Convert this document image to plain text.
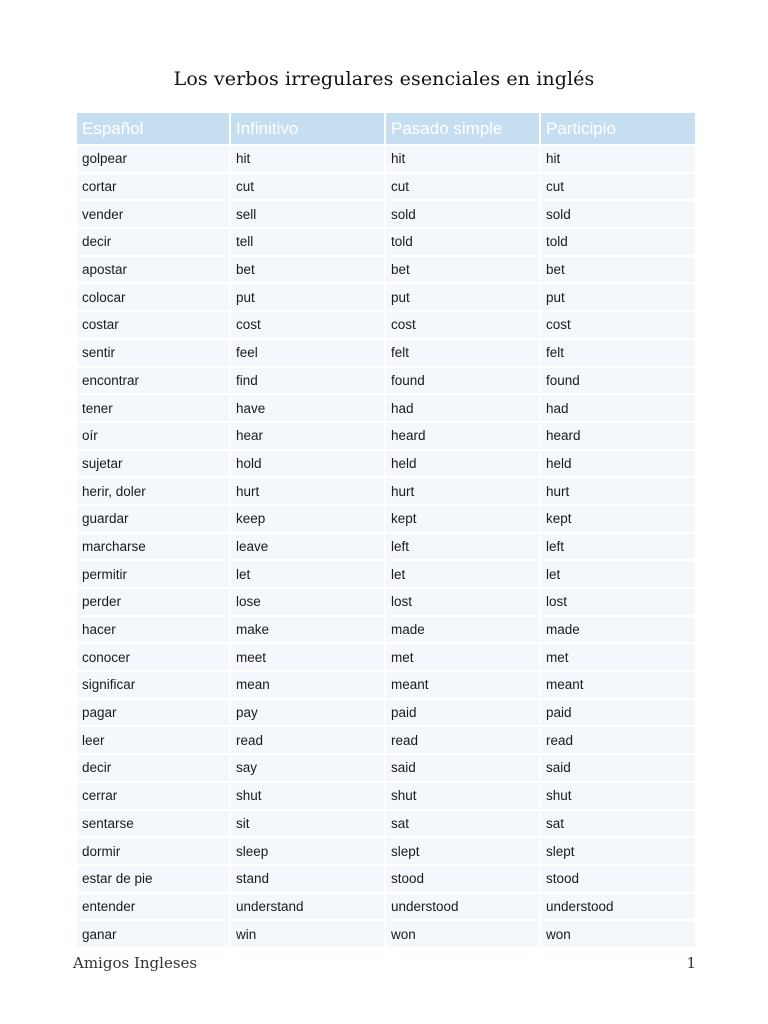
Los verbos irregulares esenciales en inglés
Español	Infinitivo	Pasado simple	Participio
golpear	hit	hit	hit
cortar	cut	cut	cut
vender	sell	sold	sold
decir	tell	told	told
apostar	bet	bet	bet
colocar	put	put	put
costar	cost	cost	cost
sentir	feel	felt	felt
encontrar	find	found	found
tener	have	had	had
oír	hear	heard	heard
sujetar	hold	held	held
herir, doler	hurt	hurt	hurt
guardar	keep	kept	kept
marcharse	leave	left	left
permitir	let	let	let
perder	lose	lost	lost
hacer	make	made	made
conocer	meet	met	met
significar	mean	meant	meant
pagar	pay	paid	paid
leer	read	read	read
decir	say	said	said
cerrar	shut	shut	shut
sentarse	sit	sat	sat
dormir	sleep	slept	slept
estar de pie	stand	stood	stood
entender	understand	understood	understood
ganar	win	won	won
Amigos Ingleses	1
